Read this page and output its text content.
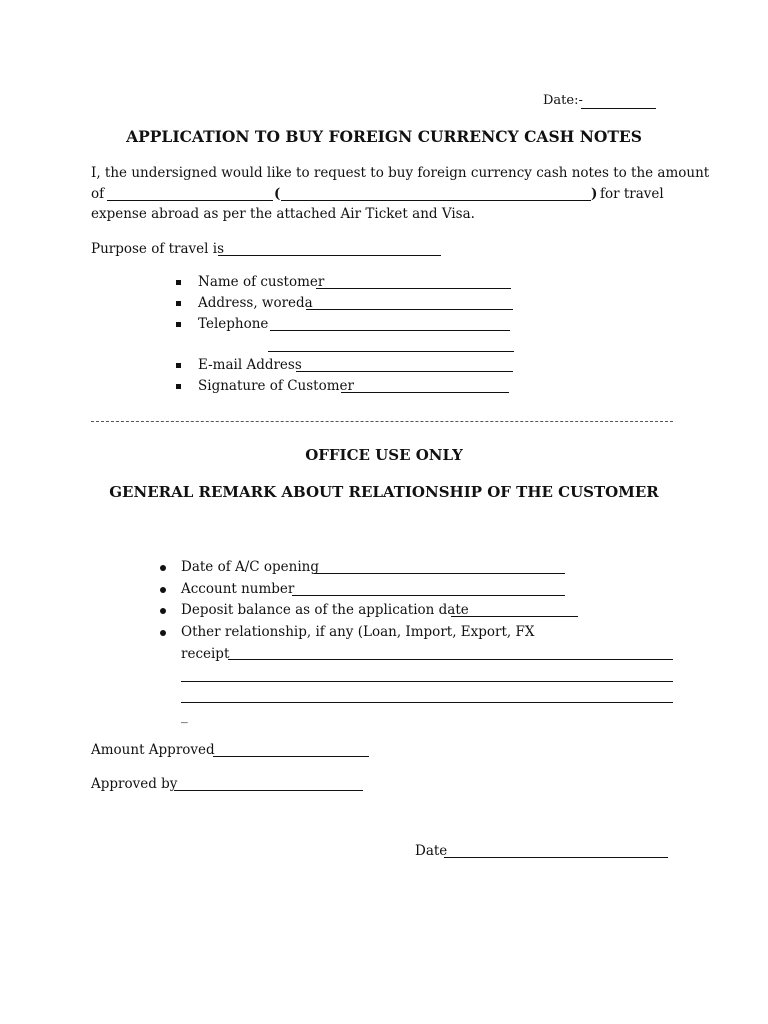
Date:-
APPLICATION TO BUY FOREIGN CURRENCY CASH NOTES
I, the undersigned would like to request to buy foreign currency cash notes to the amount
of	(	) for travel
expense abroad as per the attached Air Ticket and Visa.
Purpose of travel is
Name of customer
Address, woreda
Telephone
E-mail Address
Signature of Customer
OFFICE USE ONLY
GENERAL REMARK ABOUT RELATIONSHIP OF THE CUSTOMER
Date of A/C opening
Account number
Deposit balance as of the application date
Other relationship, if any (Loan, Import, Export, FX
receipt
_
Amount Approved
Approved by
Date
